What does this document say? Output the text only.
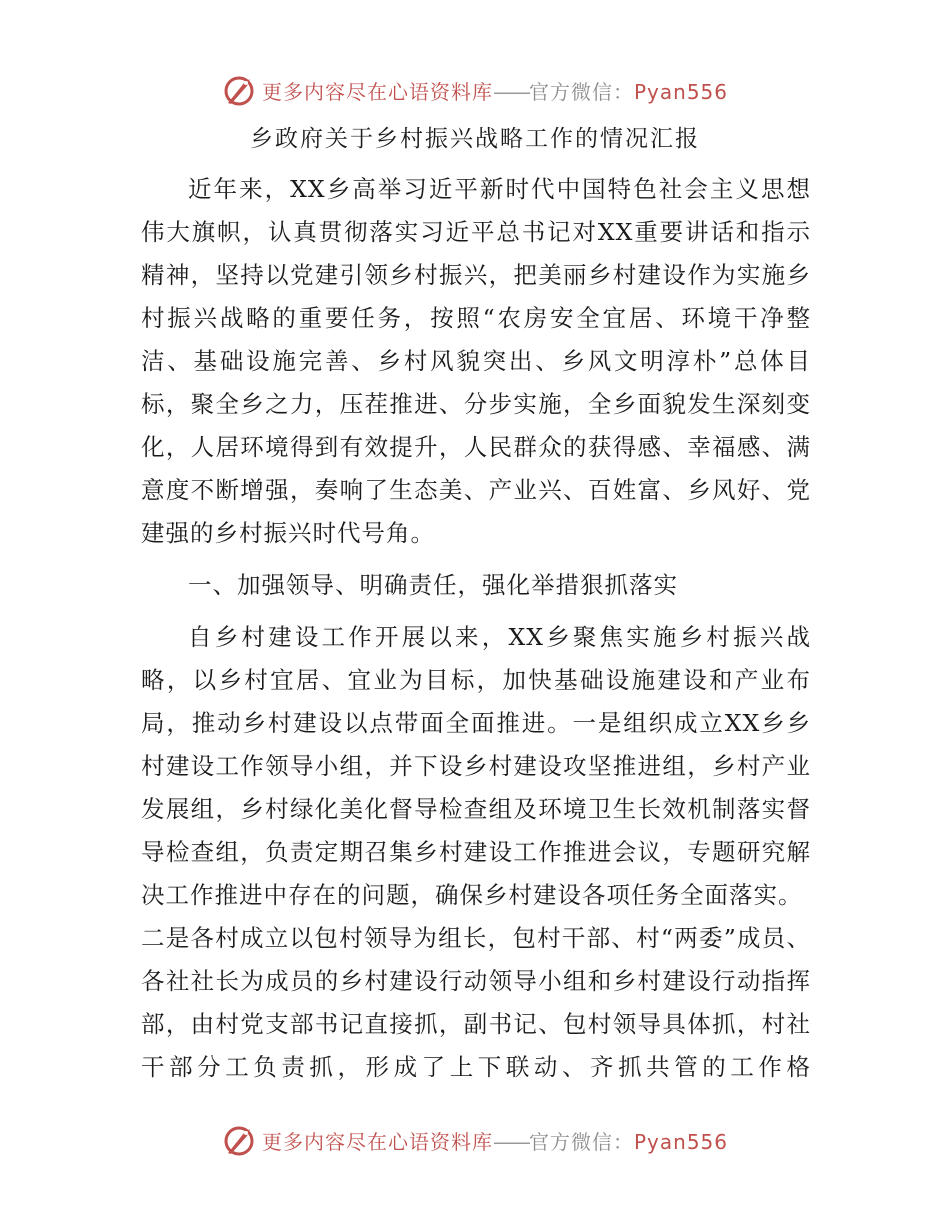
更多内容尽在心语资料库——官方微信：Pyan556
乡政府关于乡村振兴战略工作的情况汇报

近年来，XX乡高举习近平新时代中国特色社会主义思想伟大旗帜，认真贯彻落实习近平总书记对XX重要讲话和指示精神，坚持以党建引领乡村振兴，把美丽乡村建设作为实施乡村振兴战略的重要任务，按照“农房安全宜居、环境干净整洁、基础设施完善、乡村风貌突出、乡风文明淳朴”总体目标，聚全乡之力，压茬推进、分步实施，全乡面貌发生深刻变化，人居环境得到有效提升，人民群众的获得感、幸福感、满意度不断增强，奏响了生态美、产业兴、百姓富、乡风好、党建强的乡村振兴时代号角。

一、加强领导、明确责任，强化举措狠抓落实

自乡村建设工作开展以来，XX乡聚焦实施乡村振兴战略，以乡村宜居、宜业为目标，加快基础设施建设和产业布局，推动乡村建设以点带面全面推进。一是组织成立XX乡乡村建设工作领导小组，并下设乡村建设攻坚推进组，乡村产业发展组，乡村绿化美化督导检查组及环境卫生长效机制落实督导检查组，负责定期召集乡村建设工作推进会议，专题研究解决工作推进中存在的问题，确保乡村建设各项任务全面落实。

二是各村成立以包村领导为组长，包村干部、村“两委”成员、各社社长为成员的乡村建设行动领导小组和乡村建设行动指挥部，由村党支部书记直接抓，副书记、包村领导具体抓，村社干部分工负责抓，形成了上下联动、齐抓共管的工作格

更多内容尽在心语资料库——官方微信：Pyan556
